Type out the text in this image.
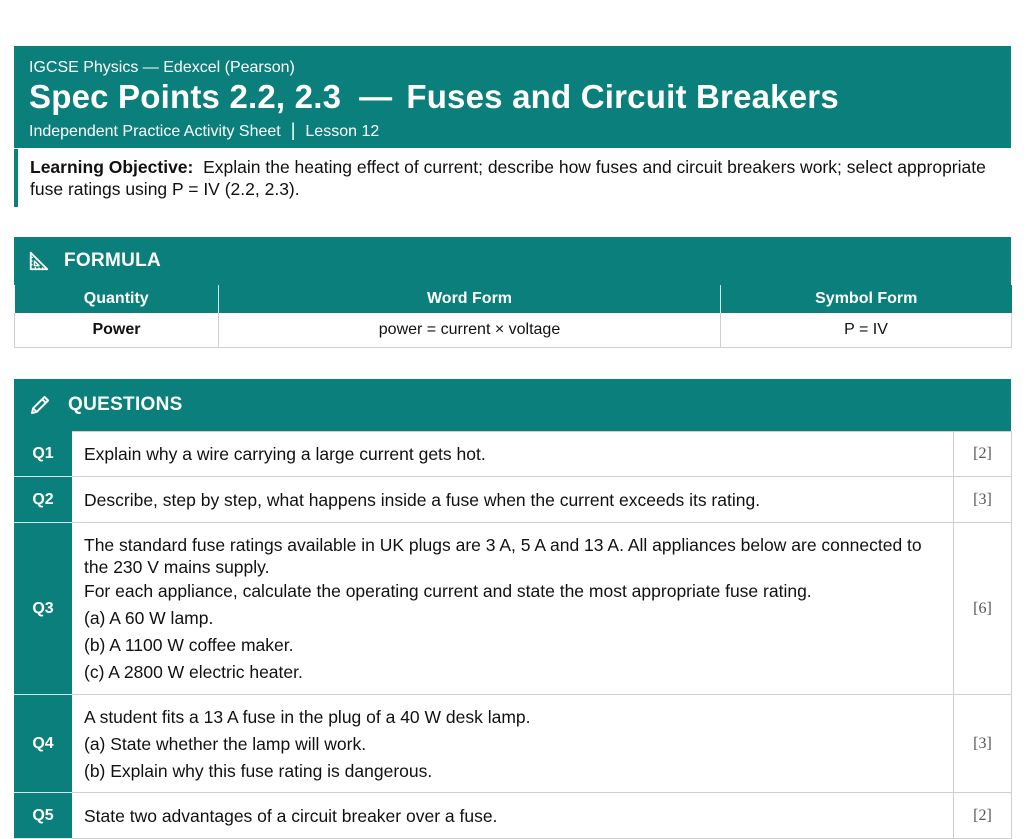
IGCSE Physics — Edexcel (Pearson)
Spec Points 2.2, 2.3 — Fuses and Circuit Breakers
Independent Practice Activity Sheet | Lesson 12
Learning Objective: Explain the heating effect of current; describe how fuses and circuit breakers work; select appropriate fuse ratings using P = IV (2.2, 2.3).
FORMULA
Quantity	Word Form	Symbol Form
Power	power = current × voltage	P = IV
QUESTIONS
Q1	Explain why a wire carrying a large current gets hot.	[2]
Q2	Describe, step by step, what happens inside a fuse when the current exceeds its rating.	[3]
Q3	The standard fuse ratings available in UK plugs are 3 A, 5 A and 13 A. All appliances below are connected to the 230 V mains supply.
For each appliance, calculate the operating current and state the most appropriate fuse rating.
(a) A 60 W lamp.
(b) A 1100 W coffee maker.
(c) A 2800 W electric heater.	[6]
Q4	A student fits a 13 A fuse in the plug of a 40 W desk lamp.
(a) State whether the lamp will work.
(b) Explain why this fuse rating is dangerous.	[3]
Q5	State two advantages of a circuit breaker over a fuse.	[2]
